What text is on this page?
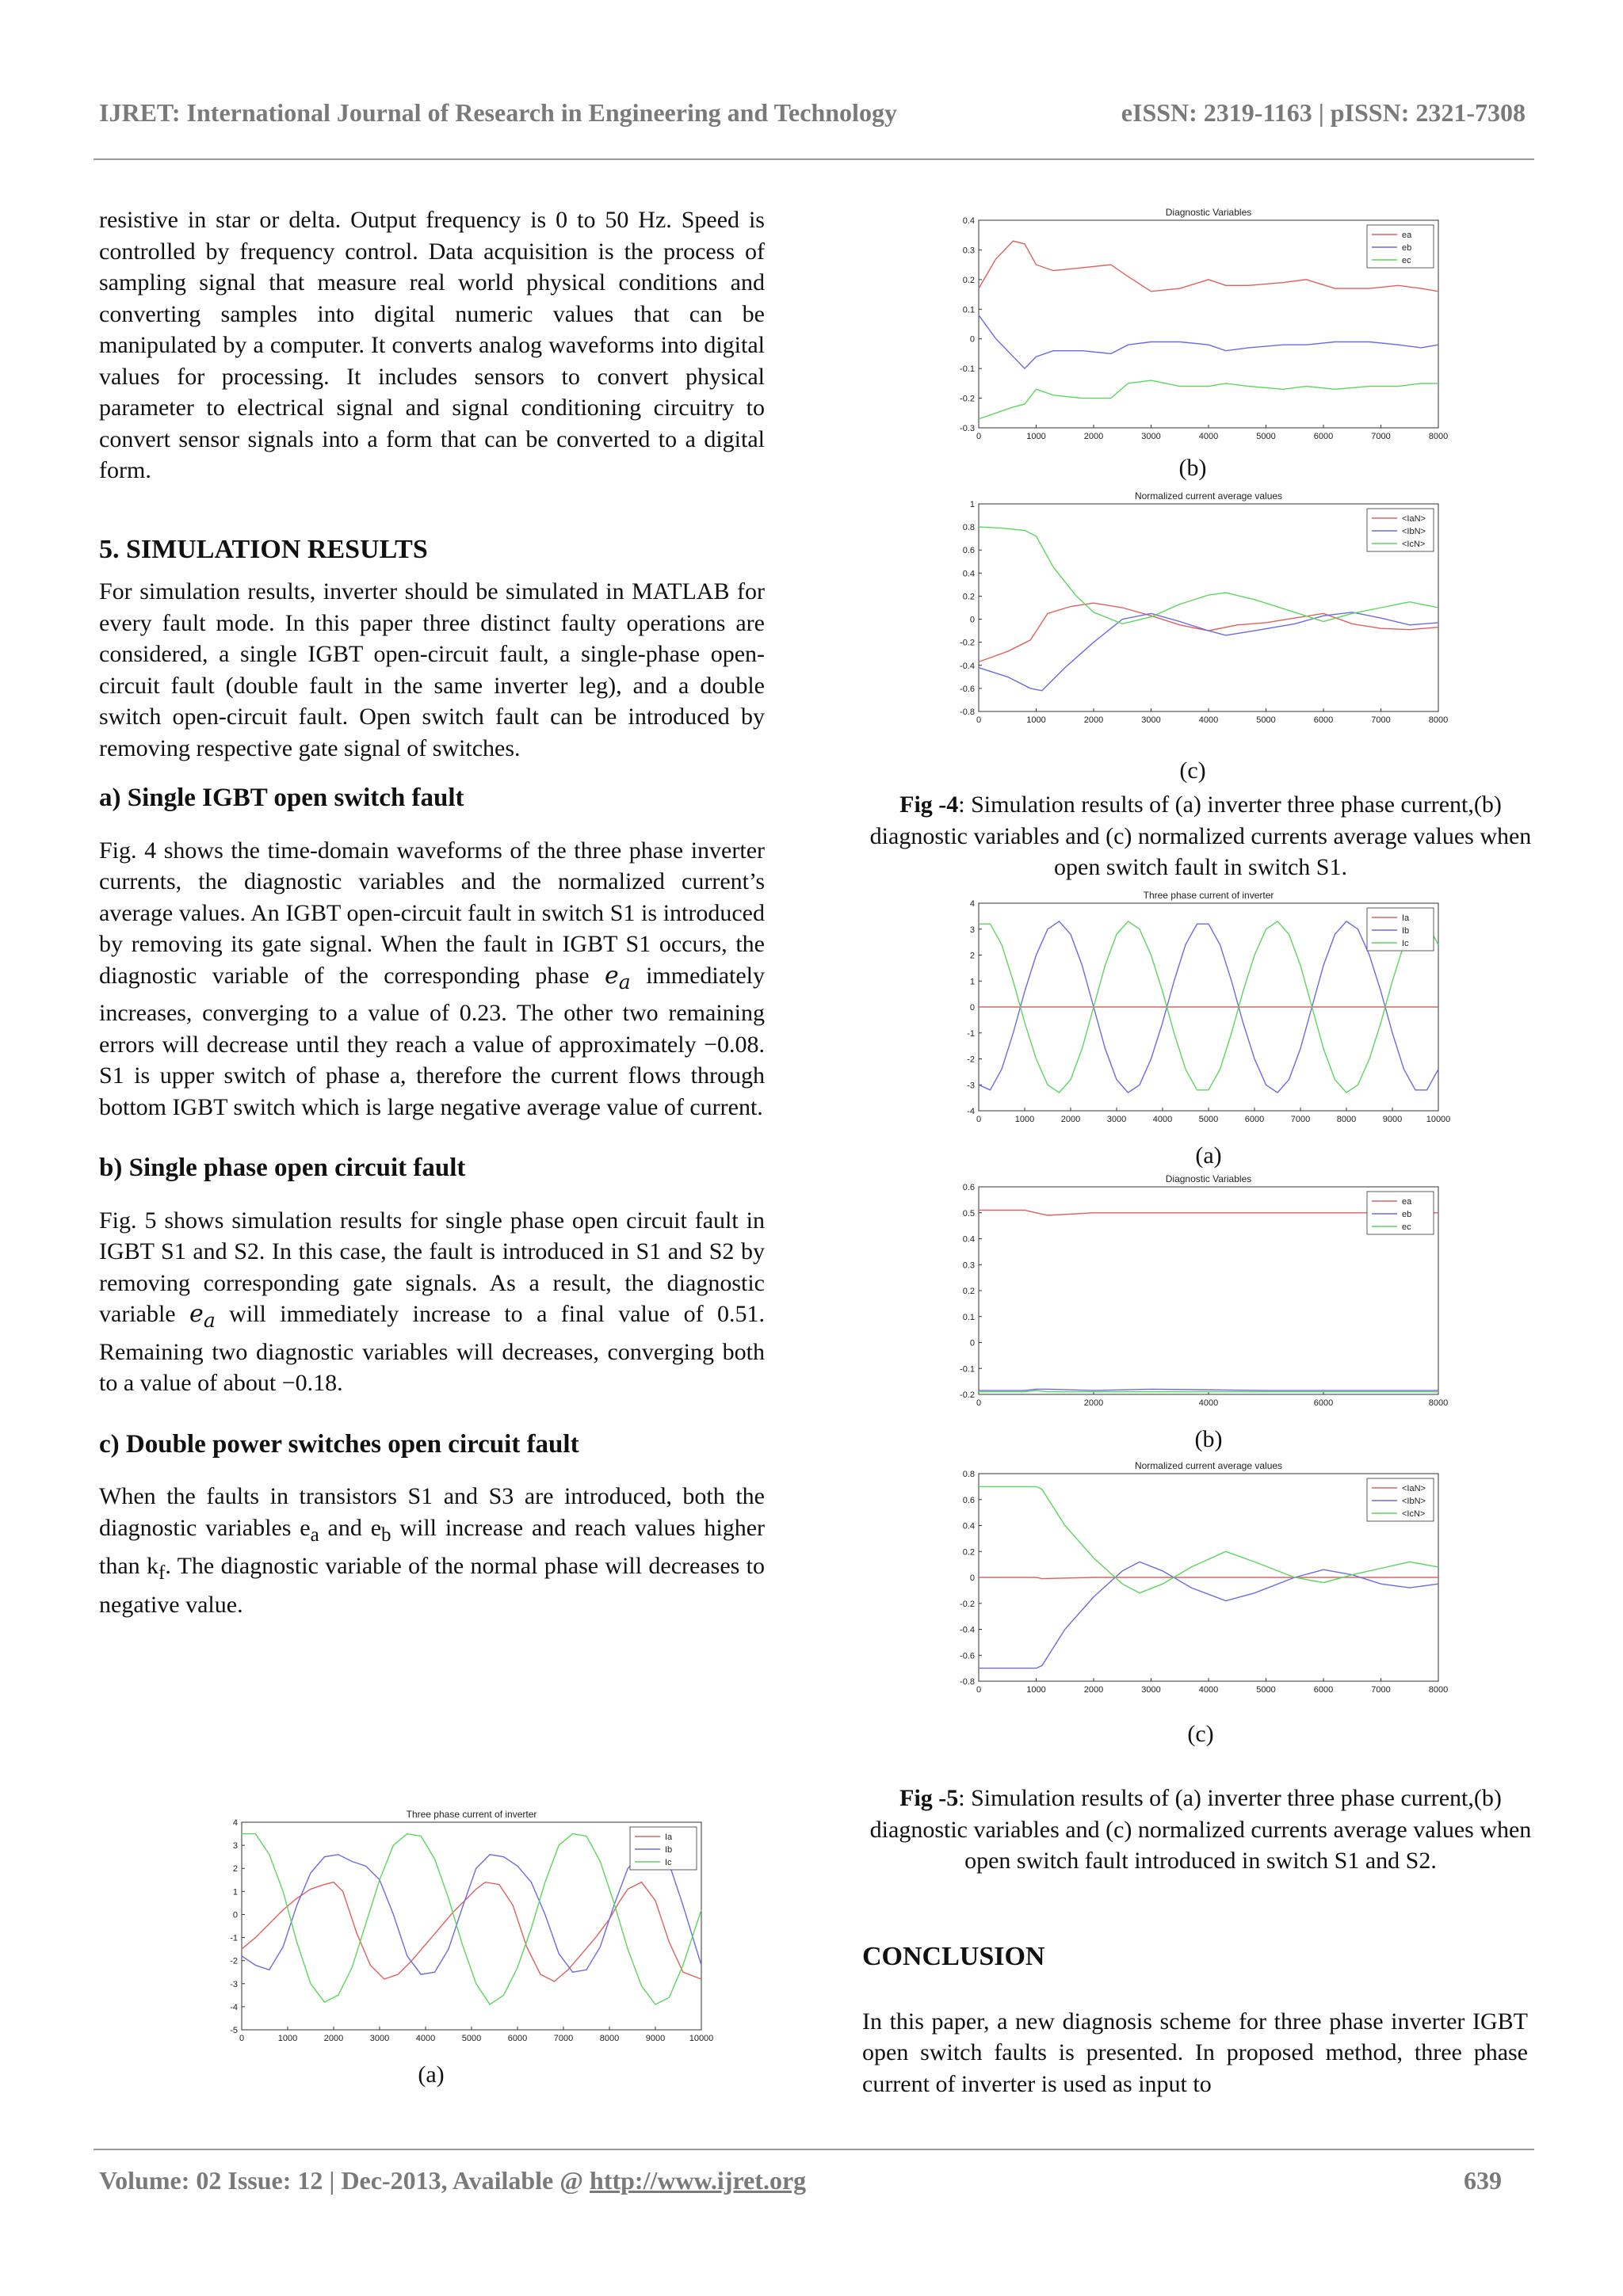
IJRET: International Journal of Research in Engineering and Technology	eISSN: 2319-1163 | pISSN: 2321-7308

resistive in star or delta. Output frequency is 0 to 50 Hz. Speed is controlled by frequency control. Data acquisition is the process of sampling signal that measure real world physical conditions and converting samples into digital numeric values that can be manipulated by a computer. It converts analog waveforms into digital values for processing. It includes sensors to convert physical parameter to electrical signal and signal conditioning circuitry to convert sensor signals into a form that can be converted to a digital form.

5. SIMULATION RESULTS

For simulation results, inverter should be simulated in MATLAB for every fault mode. In this paper three distinct faulty operations are considered, a single IGBT open-circuit fault, a single-phase open-circuit fault (double fault in the same inverter leg), and a double switch open-circuit fault. Open switch fault can be introduced by removing respective gate signal of switches.

a) Single IGBT open switch fault

Fig. 4 shows the time-domain waveforms of the three phase inverter currents, the diagnostic variables and the normalized current’s average values. An IGBT open-circuit fault in switch S1 is introduced by removing its gate signal. When the fault in IGBT S1 occurs, the diagnostic variable of the corresponding phase $e_a$ immediately increases, converging to a value of 0.23. The other two remaining errors will decrease until they reach a value of approximately −0.08. S1 is upper switch of phase a, therefore the current flows through bottom IGBT switch which is large negative average value of current.

b) Single phase open circuit fault

Fig. 5 shows simulation results for single phase open circuit fault in IGBT S1 and S2. In this case, the fault is introduced in S1 and S2 by removing corresponding gate signals. As a result, the diagnostic variable $e_a$ will immediately increase to a final value of 0.51. Remaining two diagnostic variables will decreases, converging both to a value of about −0.18.

c) Double power switches open circuit fault

When the faults in transistors S1 and S3 are introduced, both the diagnostic variables $e_a$ and $e_b$ will increase and reach values higher than $k_f$. The diagnostic variable of the normal phase will decreases to negative value.

Three phase current of inverter
0	1000	2000	3000	4000	5000	6000	7000	8000	9000	10000
4
3
2
1
0
-1
-2
-3
-4
-5
Ia
Ib
Ic
(a)
Diagnostic Variables
0	1000	2000	3000	4000	5000	6000	7000	8000
0.4
0.3
0.2
0.1
0
-0.1
-0.2
-0.3
ea
eb
ec
(b)
Normalized current average values
0	1000	2000	3000	4000	5000	6000	7000	8000
1
0.8
0.6
0.4
0.2
0
-0.2
-0.4
-0.6
-0.8
<IaN>
<IbN>
<IcN>
(c)
Fig -4: Simulation results of (a) inverter three phase current,(b) diagnostic variables and (c) normalized currents average values when open switch fault in switch S1.
Three phase current of inverter
0	1000	2000	3000	4000	5000	6000	7000	8000	9000	10000
4
3
2
1
0
-1
-2
-3
-4
Ia
Ib
Ic
(a)
Diagnostic Variables
0	2000	4000	6000	8000
0.6
0.5
0.4
0.3
0.2
0.1
0
-0.1
-0.2
ea
eb
ec
(b)
Normalized current average values
0	1000	2000	3000	4000	5000	6000	7000	8000
0.8
0.6
0.4
0.2
0
-0.2
-0.4
-0.6
-0.8
<IaN>
<IbN>
<IcN>
(c)
Fig -5: Simulation results of (a) inverter three phase current,(b) diagnostic variables and (c) normalized currents average values when open switch fault introduced in switch S1 and S2.

CONCLUSION

In this paper, a new diagnosis scheme for three phase inverter IGBT open switch faults is presented. In proposed method, three phase current of inverter is used as input to

Volume: 02 Issue: 12 | Dec-2013, Available @ http://www.ijret.org	639
